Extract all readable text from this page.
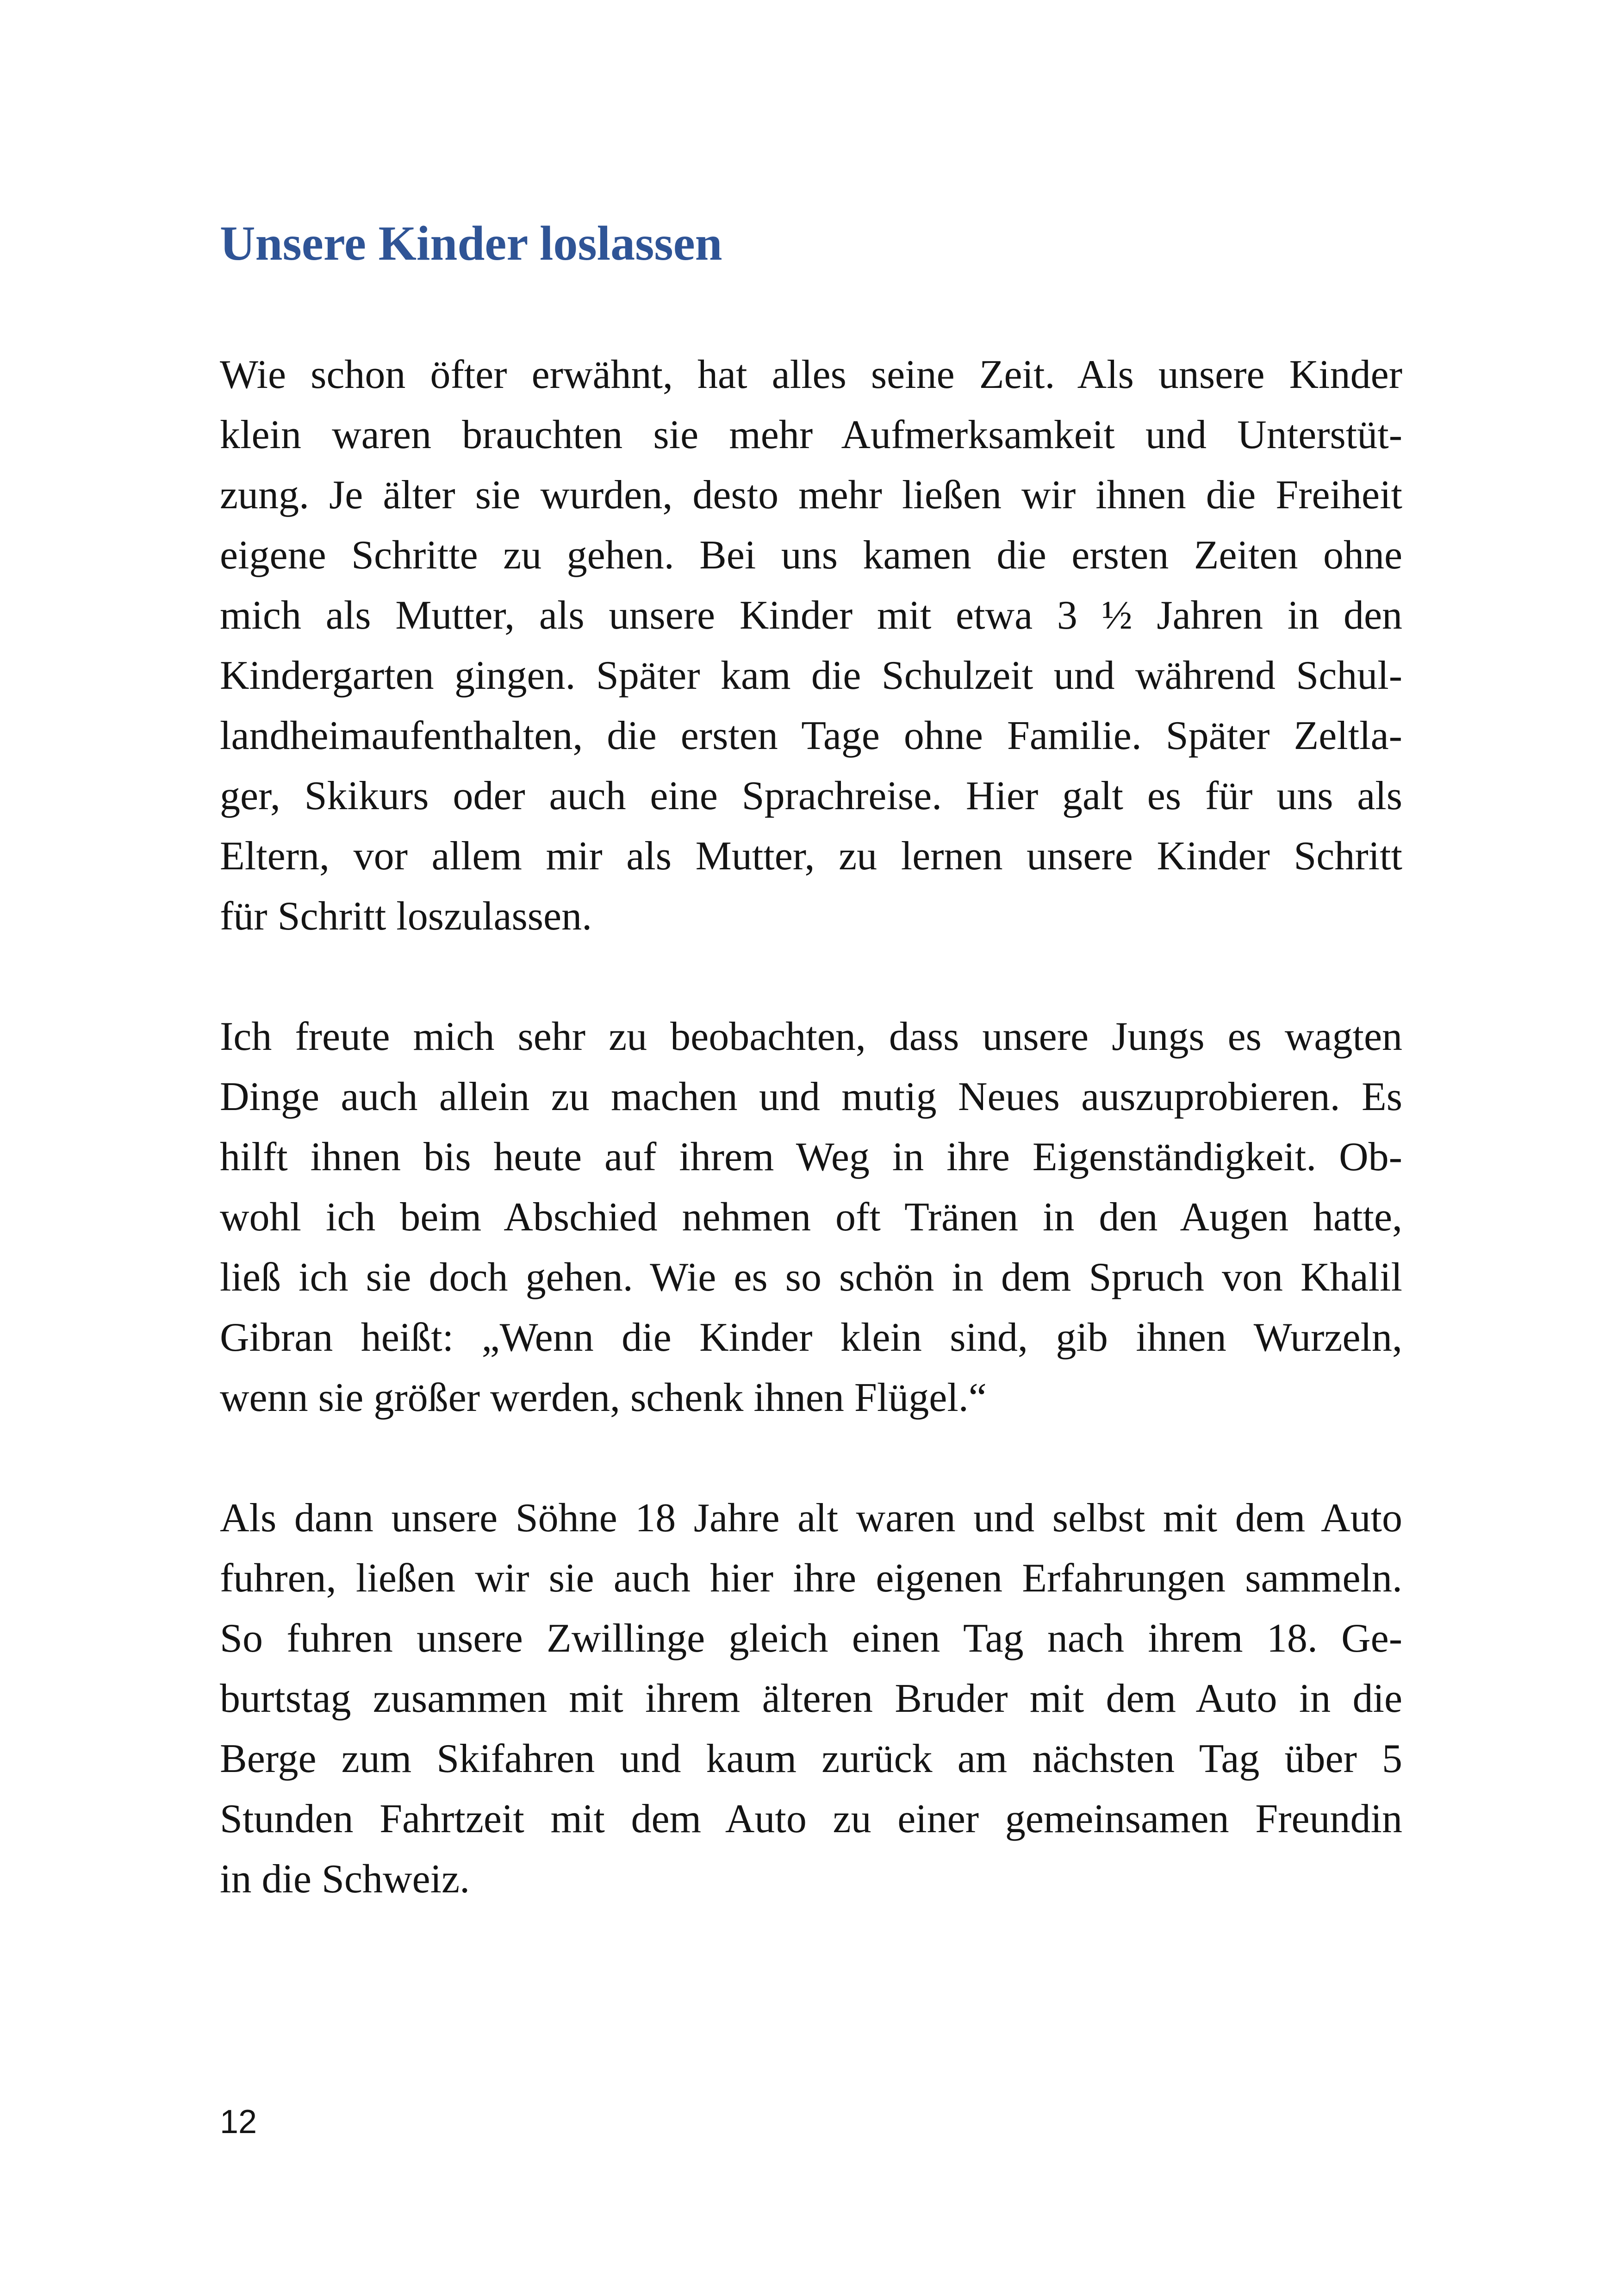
Unsere Kinder loslassen
Wie schon öfter erwähnt, hat alles seine Zeit. Als unsere Kinder
klein waren brauchten sie mehr Aufmerksamkeit und Unterstüt-
zung. Je älter sie wurden, desto mehr ließen wir ihnen die Freiheit
eigene Schritte zu gehen. Bei uns kamen die ersten Zeiten ohne
mich als Mutter, als unsere Kinder mit etwa 3 ½ Jahren in den
Kindergarten gingen. Später kam die Schulzeit und während Schul-
landheimaufenthalten, die ersten Tage ohne Familie. Später Zeltla-
ger, Skikurs oder auch eine Sprachreise. Hier galt es für uns als
Eltern, vor allem mir als Mutter, zu lernen unsere Kinder Schritt
für Schritt loszulassen.
Ich freute mich sehr zu beobachten, dass unsere Jungs es wagten
Dinge auch allein zu machen und mutig Neues auszuprobieren. Es
hilft ihnen bis heute auf ihrem Weg in ihre Eigenständigkeit. Ob-
wohl ich beim Abschied nehmen oft Tränen in den Augen hatte,
ließ ich sie doch gehen. Wie es so schön in dem Spruch von Khalil
Gibran heißt: „Wenn die Kinder klein sind, gib ihnen Wurzeln,
wenn sie größer werden, schenk ihnen Flügel.“
Als dann unsere Söhne 18 Jahre alt waren und selbst mit dem Auto
fuhren, ließen wir sie auch hier ihre eigenen Erfahrungen sammeln.
So fuhren unsere Zwillinge gleich einen Tag nach ihrem 18. Ge-
burtstag zusammen mit ihrem älteren Bruder mit dem Auto in die
Berge zum Skifahren und kaum zurück am nächsten Tag über 5
Stunden Fahrtzeit mit dem Auto zu einer gemeinsamen Freundin
in die Schweiz.

12
